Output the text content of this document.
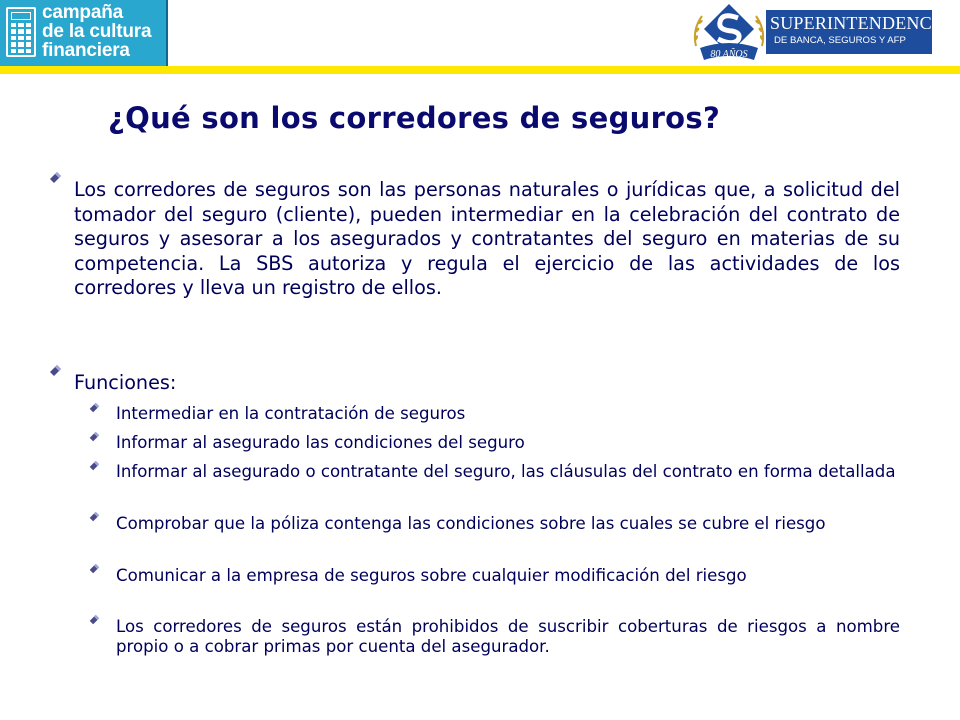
campaña
de la cultura
financiera	80 AÑOS
SUPERINTENDENCIA
DE BANCA, SEGUROS Y AFP
¿Qué son los corredores de seguros?

Los corredores de seguros son las personas naturales o jurídicas que, a solicitud del tomador del seguro (cliente), pueden intermediar en la celebración del contrato de seguros y asesorar a los asegurados y contratantes del seguro en materias de su competencia. La SBS autoriza y regula el ejercicio de las actividades de los corredores y lleva un registro de ellos.

Funciones:

Intermediar en la contratación de seguros

Informar al asegurado las condiciones del seguro

Informar al asegurado o contratante del seguro, las cláusulas del contrato en forma detallada

Comprobar que la póliza contenga las condiciones sobre las cuales se cubre el riesgo

Comunicar a la empresa de seguros sobre cualquier modificación del riesgo

Los corredores de seguros están prohibidos de suscribir coberturas de riesgos a nombre propio o a cobrar primas por cuenta del asegurador.
